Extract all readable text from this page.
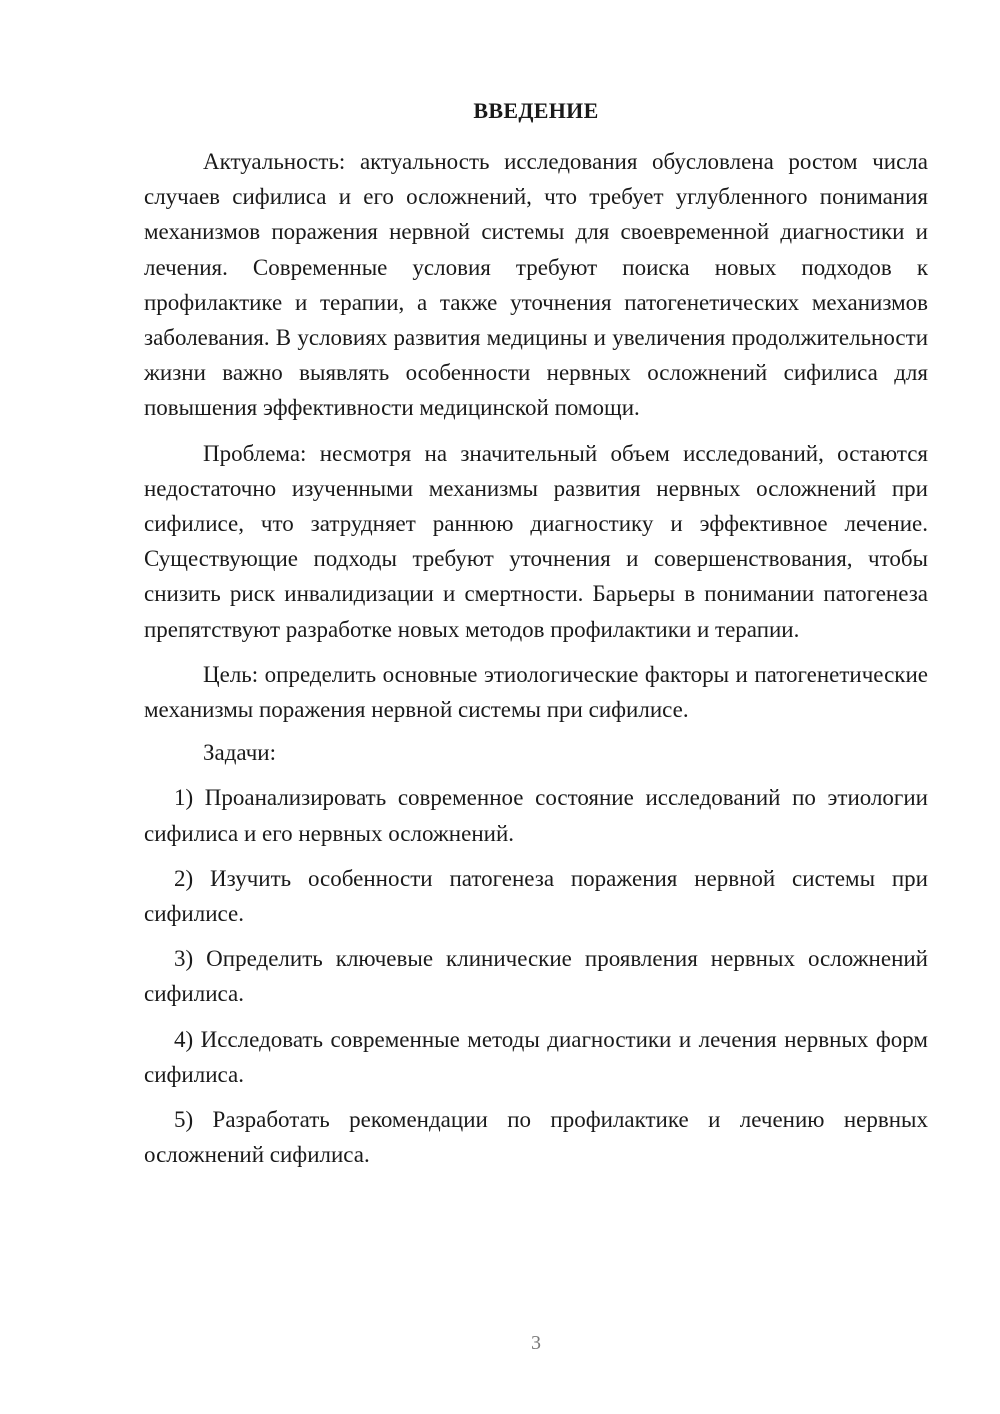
ВВЕДЕНИЕ

Актуальность: актуальность исследования обусловлена ростом числа случаев сифилиса и его осложнений, что требует углубленного понимания механизмов поражения нервной системы для своевременной диагностики и лечения. Современные условия требуют поиска новых подходов к профилактике и терапии, а также уточнения патогенетических механизмов заболевания. В условиях развития медицины и увеличения продолжительности жизни важно выявлять особенности нервных осложнений сифилиса для повышения эффективности медицинской помощи.

Проблема: несмотря на значительный объем исследований, остаются недостаточно изученными механизмы развития нервных осложнений при сифилисе, что затрудняет раннюю диагностику и эффективное лечение. Существующие подходы требуют уточнения и совершенствования, чтобы снизить риск инвалидизации и смертности. Барьеры в понимании патогенеза препятствуют разработке новых методов профилактики и терапии.

Цель: определить основные этиологические факторы и патогенетические механизмы поражения нервной системы при сифилисе.

Задачи:

1) Проанализировать современное состояние исследований по этиологии сифилиса и его нервных осложнений.

2) Изучить особенности патогенеза поражения нервной системы при сифилисе.

3) Определить ключевые клинические проявления нервных осложнений сифилиса.

4) Исследовать современные методы диагностики и лечения нервных форм сифилиса.

5) Разработать рекомендации по профилактике и лечению нервных осложнений сифилиса.

3
